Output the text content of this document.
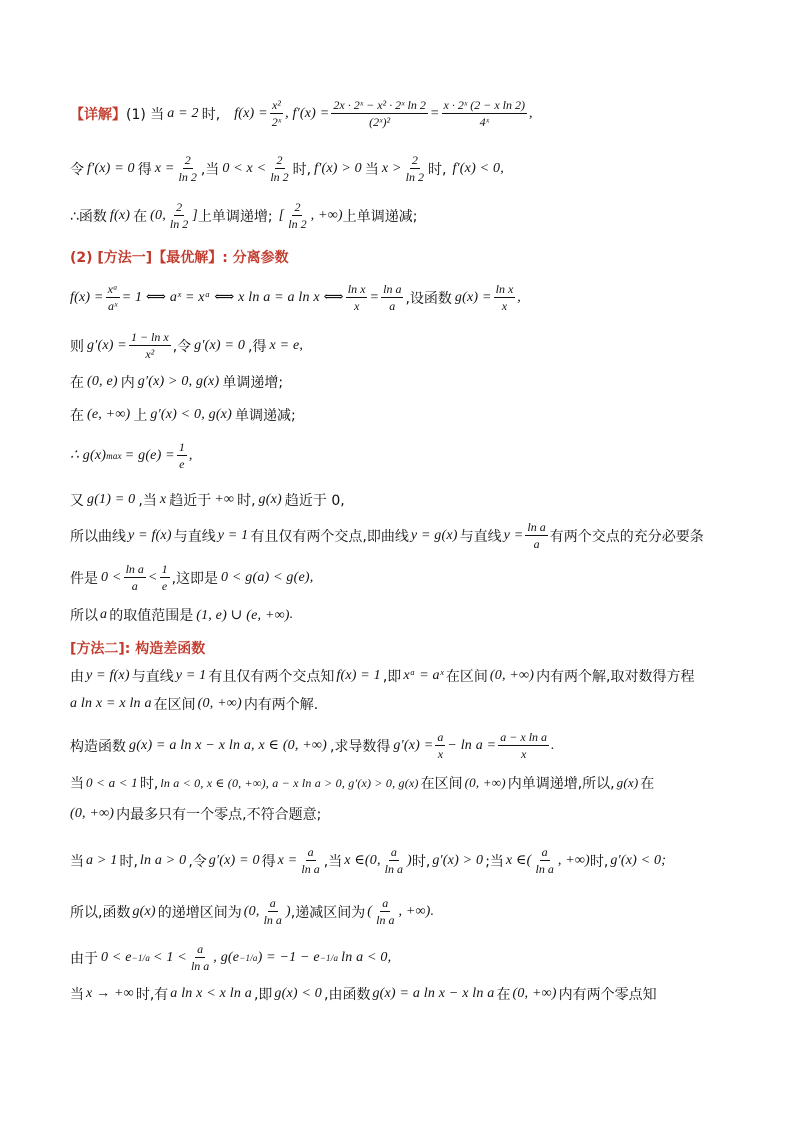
【详解】 (1) 当 a = 2 时, $f(x) = \frac{\text{x²}}{\text{2ˣ}}$ , $f'(x) = \frac{\text{2x · 2ˣ − x² · 2ˣ ln 2}}{\text{(2ˣ)²}} = \frac{\text{x · 2ˣ (2 − x ln 2)}}{\text{4ˣ}}$ ,
令 f′(x) = 0 得 $x = \frac{2}{\ln 2}$ ,当 $0 < x < \frac{2}{\ln 2}$ 时, f′(x) > 0 当 $x > \frac{2}{\ln 2}$ 时, f′(x) < 0 ,
∴函数 f(x) 在 (0, $\frac{2}{\ln 2}$ ] 上单调递增; [ $\frac{2}{\ln 2}$ , +∞) 上单调递减;
(2) [方法一]【最优解】: 分离参数
$f(x) = \frac{\text{xᵃ}}{\text{aˣ}} = 1$ ⟺ aˣ = xᵃ ⟺ x ln a = a ln x ⟺ $\frac{\text{ln x}}{x} = \frac{\text{ln a}}{a}$ ,设函数 $g(x) = \frac{\text{ln x}}{x}$ ,
则 $g'(x) = \frac{\text{1 − ln x}}{\text{x²}}$ ,令 g′(x) = 0 ,得 x = e ,
在 (0, e) 内 g′(x) > 0, g(x) 单调递增;
在 (e, +∞) 上 g′(x) < 0, g(x) 单调递减;
∴ g(x) $\max = g(e) = \frac{1}{e}$ ,
又 g(1) = 0 ,当 x 趋近于 +∞ 时, g(x) 趋近于 0,
所以曲线 y = f(x) 与直线 y = 1 有且仅有两个交点,即曲线 y = g(x) 与直线 $y = \frac{\text{ln a}}{a}$ 有两个交点的充分必要条
件是 $0 < \frac{\text{ln a}}{a} < \frac{1}{e}$ ,这即是 0 < g(a) < g(e) ,
所以 a 的取值范围是 (1, e) ∪ (e, +∞) .
[方法二]: 构造差函数
由 y = f(x) 与直线 y = 1 有且仅有两个交点知 f(x) = 1 ,即 xᵃ = aˣ 在区间 (0, +∞) 内有两个解,取对数得方程
a ln x = x ln a 在区间 (0, +∞) 内有两个解.
构造函数 g(x) = a ln x − x ln a, x ∈ (0, +∞) ,求导数得 $g'(x) = \frac{a}{x} - \ln a = \frac{\text{a − x ln a}}{x}$ .
当 0 < a < 1 时, ln a < 0, x ∈ (0, +∞), a − x ln a > 0, g′(x) > 0, g(x) 在区间 (0, +∞) 内单调递增,所以, g(x) 在
(0, +∞) 内最多只有一个零点,不符合题意;
当 a > 1 时, ln a > 0 ,令 g′(x) = 0 得 $x = \frac{a}{\text{ln a}}$ ,当 x ∈ (0, $\frac{a}{\text{ln a}}$ ) 时, g′(x) > 0 ;当 x ∈ ( $\frac{a}{\text{ln a}}$ , +∞) 时, g′(x) < 0 ;
所以,函数 g(x) 的递增区间为 (0, $\frac{a}{\text{ln a}}$ ) ,递减区间为 ( $\frac{a}{\text{ln a}}$ , +∞) .
由于 $0 < e -1/a < 1 < \frac{a}{\text{ln a}}$ , g(e −1/a ) = −1 − e −1/a ln a < 0 ,
当 x → +∞ 时,有 a ln x < x ln a ,即 g(x) < 0 ,由函数 g(x) = a ln x − x ln a 在 (0, +∞) 内有两个零点知
